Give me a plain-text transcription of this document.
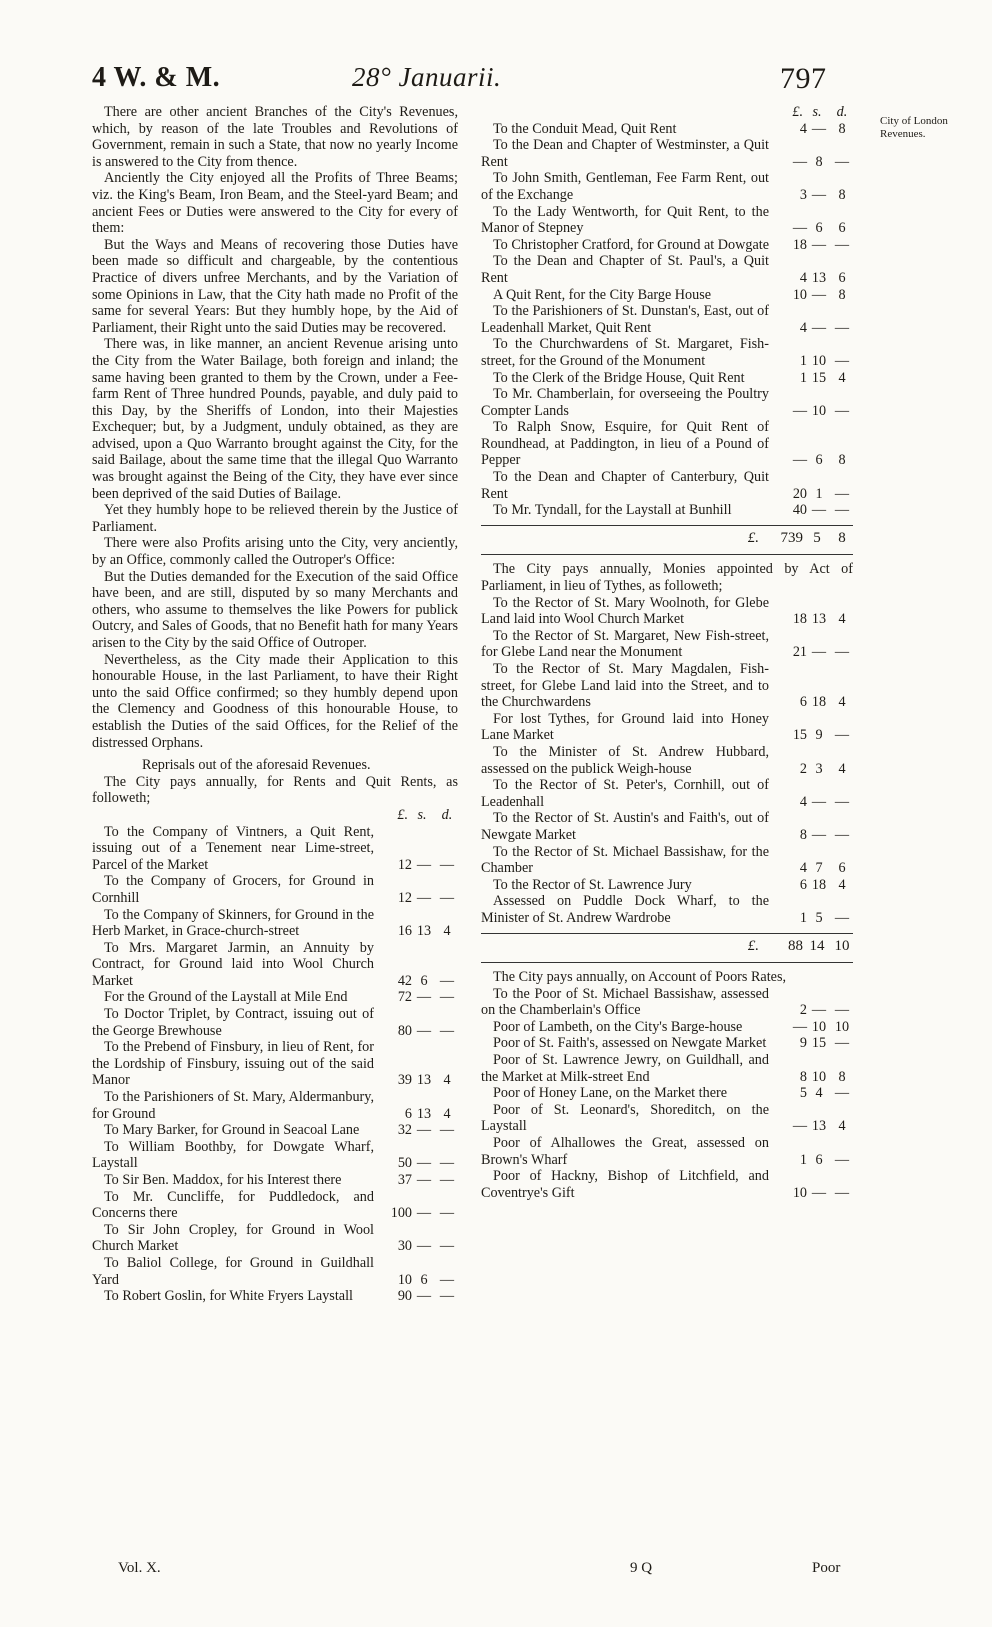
4 W. & M.	28° Januarii.	797
City of London Revenues.

There are other ancient Branches of the City's Revenues, which, by reason of the late Troubles and Revolutions of Government, remain in such a State, that now no yearly Income is answered to the City from thence.

Anciently the City enjoyed all the Profits of Three Beams; viz. the King's Beam, Iron Beam, and the Steel-yard Beam; and ancient Fees or Duties were answered to the City for every of them:

But the Ways and Means of recovering those Duties have been made so difficult and chargeable, by the contentious Practice of divers unfree Merchants, and by the Variation of some Opinions in Law, that the City hath made no Profit of the same for several Years: But they humbly hope, by the Aid of Parliament, their Right unto the said Duties may be recovered.

There was, in like manner, an ancient Revenue arising unto the City from the Water Bailage, both foreign and inland; the same having been granted to them by the Crown, under a Fee-farm Rent of Three hundred Pounds, payable, and duly paid to this Day, by the Sheriffs of London, into their Majesties Exchequer; but, by a Judgment, unduly obtained, as they are advised, upon a Quo Warranto brought against the City, for the said Bailage, about the same time that the illegal Quo Warranto was brought against the Being of the City, they have ever since been deprived of the said Duties of Bailage.

Yet they humbly hope to be relieved therein by the Justice of Parliament.

There were also Profits arising unto the City, very anciently, by an Office, commonly called the Outroper's Office:

But the Duties demanded for the Execution of the said Office have been, and are still, disputed by so many Merchants and others, who assume to themselves the like Powers for publick Outcry, and Sales of Goods, that no Benefit hath for many Years arisen to the City by the said Office of Outroper.

Nevertheless, as the City made their Application to this honourable House, in the last Parliament, to have their Right unto the said Office confirmed; so they humbly depend upon the Clemency and Goodness of this honourable House, to establish the Duties of the said Offices, for the Relief of the distressed Orphans.

Reprisals out of the aforesaid Revenues.

The City pays annually, for Rents and Quit Rents, as followeth;

£. s.	d.
To the Company of Vintners, a Quit Rent, issuing out of a Tenement near Lime-street, Parcel of the Market	12 — —
To the Company of Grocers, for Ground in Cornhill	12 — —
To the Company of Skinners, for Ground in the Herb Market, in Grace-church-street	16 13 4
To Mrs. Margaret Jarmin, an Annuity by Contract, for Ground laid into Wool Church Market	42 6 —
For the Ground of the Laystall at Mile End	72 — —
To Doctor Triplet, by Contract, issuing out of the George Brewhouse	80 — —
To the Prebend of Finsbury, in lieu of Rent, for the Lordship of Finsbury, issuing out of the said Manor	39 13 4
To the Parishioners of St. Mary, Aldermanbury, for Ground	6 13 4
To Mary Barker, for Ground in Seacoal Lane	32 — —
To William Boothby, for Dowgate Wharf, Laystall	50 — —
To Sir Ben. Maddox, for his Interest there	37 — —
To Mr. Cuncliffe, for Puddledock, and Concerns there	100 — —
To Sir John Cropley, for Ground in Wool Church Market	30 — —
To Baliol College, for Ground in Guildhall Yard	10 6 —
To Robert Goslin, for White Fryers Laystall	90 — —
£. s.	d.
To the Conduit Mead, Quit Rent	4 — 8
To the Dean and Chapter of Westminster, a Quit Rent	— 8 —
To John Smith, Gentleman, Fee Farm Rent, out of the Exchange	3 — 8
To the Lady Wentworth, for Quit Rent, to the Manor of Stepney	— 6	6
To Christopher Cratford, for Ground at Dowgate	18 — —
To the Dean and Chapter of St. Paul's, a Quit Rent	4 13 6
A Quit Rent, for the City Barge House	10 — 8
To the Parishioners of St. Dunstan's, East, out of Leadenhall Market, Quit Rent	4 — —
To the Churchwardens of St. Margaret, Fish-street, for the Ground of the Monument	1 10 —
To the Clerk of the Bridge House, Quit Rent	1 15 4
To Mr. Chamberlain, for overseeing the Poultry Compter Lands	— 10 —
To Ralph Snow, Esquire, for Quit Rent of Roundhead, at Paddington, in lieu of a Pound of Pepper	— 6	8
To the Dean and Chapter of Canterbury, Quit Rent	20 1 —
To Mr. Tyndall, for the Laystall at Bunhill	40 — —
£.	739 5	8

The City pays annually, Monies appointed by Act of Parliament, in lieu of Tythes, as followeth;

To the Rector of St. Mary Woolnoth, for Glebe Land laid into Wool Church Market	18 13 4
To the Rector of St. Margaret, New Fish-street, for Glebe Land near the Monument	21 — —
To the Rector of St. Mary Magdalen, Fish-street, for Glebe Land laid into the Street, and to the Churchwardens	6 18 4
For lost Tythes, for Ground laid into Honey Lane Market	15 9 —
To the Minister of St. Andrew Hubbard, assessed on the publick Weigh-house	2 3	4
To the Rector of St. Peter's, Cornhill, out of Leadenhall	4 — —
To the Rector of St. Austin's and Faith's, out of Newgate Market	8 — —
To the Rector of St. Michael Bassishaw, for the Chamber	4 7	6
To the Rector of St. Lawrence Jury	6 18 4
Assessed on Puddle Dock Wharf, to the Minister of St. Andrew Wardrobe	1 5 —
£.	88 14 10

The City pays annually, on Account of Poors Rates,

To the Poor of St. Michael Bassishaw, assessed on the Chamberlain's Office	2 — —
Poor of Lambeth, on the City's Barge-house	— 10 10
Poor of St. Faith's, assessed on Newgate Market	9 15 —
Poor of St. Lawrence Jewry, on Guildhall, and the Market at Milk-street End	8 10 8
Poor of Honey Lane, on the Market there	5 4 —
Poor of St. Leonard's, Shoreditch, on the Laystall	— 13 4
Poor of Alhallowes the Great, assessed on Brown's Wharf	1 6 —
Poor of Hackny, Bishop of Litchfield, and Coventrye's Gift	10 — —
Vol. X.	9 Q	Poor
